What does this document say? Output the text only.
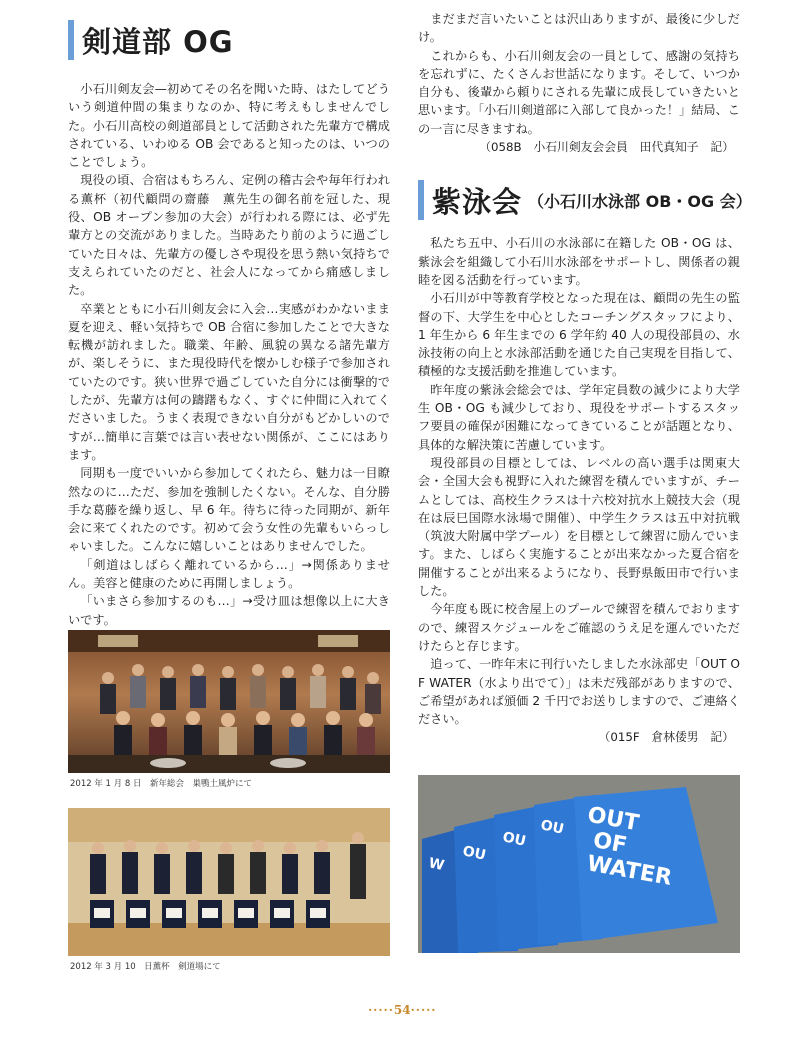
剣道部 OG

小石川剣友会—初めてその名を聞いた時、はたしてどういう剣道仲間の集まりなのか、特に考えもしませんでした。小石川高校の剣道部員として活動された先輩方で構成されている、いわゆる OB 会であると知ったのは、いつのことでしょう。

現役の頃、合宿はもちろん、定例の稽古会や毎年行われる薫杯（初代顧問の齋藤　薫先生の御名前を冠した、現役、OB オープン参加の大会）が行われる際には、必ず先輩方との交流がありました。当時あたり前のように過ごしていた日々は、先輩方の優しさや現役を思う熱い気持ちで支えられていたのだと、社会人になってから痛感しました。

卒業とともに小石川剣友会に入会…実感がわかないまま夏を迎え、軽い気持ちで OB 合宿に参加したことで大きな転機が訪れました。職業、年齢、風貌の異なる諸先輩方が、楽しそうに、また現役時代を懐かしむ様子で参加されていたのです。狭い世界で過ごしていた自分には衝撃的でしたが、先輩方は何の躊躇もなく、すぐに仲間に入れてくださいました。うまく表現できない自分がもどかしいのですが…簡単に言葉では言い表せない関係が、ここにはあります。

同期も一度でいいから参加してくれたら、魅力は一目瞭然なのに…ただ、参加を強制したくない。そんな、自分勝手な葛藤を繰り返し、早 6 年。待ちに待った同期が、新年会に来てくれたのです。初めて会う女性の先輩もいらっしゃいました。こんなに嬉しいことはありませんでした。

「剣道はしばらく離れているから…」→関係ありません。美容と健康のために再開しましょう。

「いまさら参加するのも…」→受け皿は想像以上に大きいです。

まだまだ言いたいことは沢山ありますが、最後に少しだけ。

これからも、小石川剣友会の一員として、感謝の気持ちを忘れずに、たくさんお世話になります。そして、いつか自分も、後輩から頼りにされる先輩に成長していきたいと思います。「小石川剣道部に入部して良かった！」結局、この一言に尽きますね。

（058B　小石川剣友会会員　田代真知子　記）

紫泳会 （小石川水泳部 OB・OG 会）

私たち五中、小石川の水泳部に在籍した OB・OG は、紫泳会を組織して小石川水泳部をサポートし、関係者の親睦を図る活動を行っています。

小石川が中等教育学校となった現在は、顧問の先生の監督の下、大学生を中心としたコーチングスタッフにより、1 年生から 6 年生までの 6 学年約 40 人の現役部員の、水泳技術の向上と水泳部活動を通じた自己実現を目指して、積極的な支援活動を推進しています。

昨年度の紫泳会総会では、学年定員数の減少により大学生 OB・OG も減少しており、現役をサポートするスタッフ要員の確保が困難になってきていることが話題となり、具体的な解決策に苦慮しています。

現役部員の目標としては、レベルの高い選手は関東大会・全国大会も視野に入れた練習を積んでいますが、チームとしては、高校生クラスは十六校対抗水上競技大会（現在は辰巳国際水泳場で開催）、中学生クラスは五中対抗戦（筑波大附属中学プール）を目標として練習に励んでいます。また、しばらく実施することが出来なかった夏合宿を開催することが出来るようになり、長野県飯田市で行いました。

今年度も既に校舎屋上のプールで練習を積んでおりますので、練習スケジュールをご確認のうえ足を運んでいただけたらと存じます。

追って、一昨年末に刊行いたしました水泳部史「OUT OF WATER（水より出でて）」は未だ残部がありますので、ご希望があれば頒価 2 千円でお送りしますので、ご連絡ください。

（015F　倉林倭男　記）

2012 年 1 月 8 日　新年総会　巣鴨土風炉にて
2012 年 3 月 10　日薫杯　剣道場にて
W
OU
OU
OU OUT
OF
WATER
·····54·····
